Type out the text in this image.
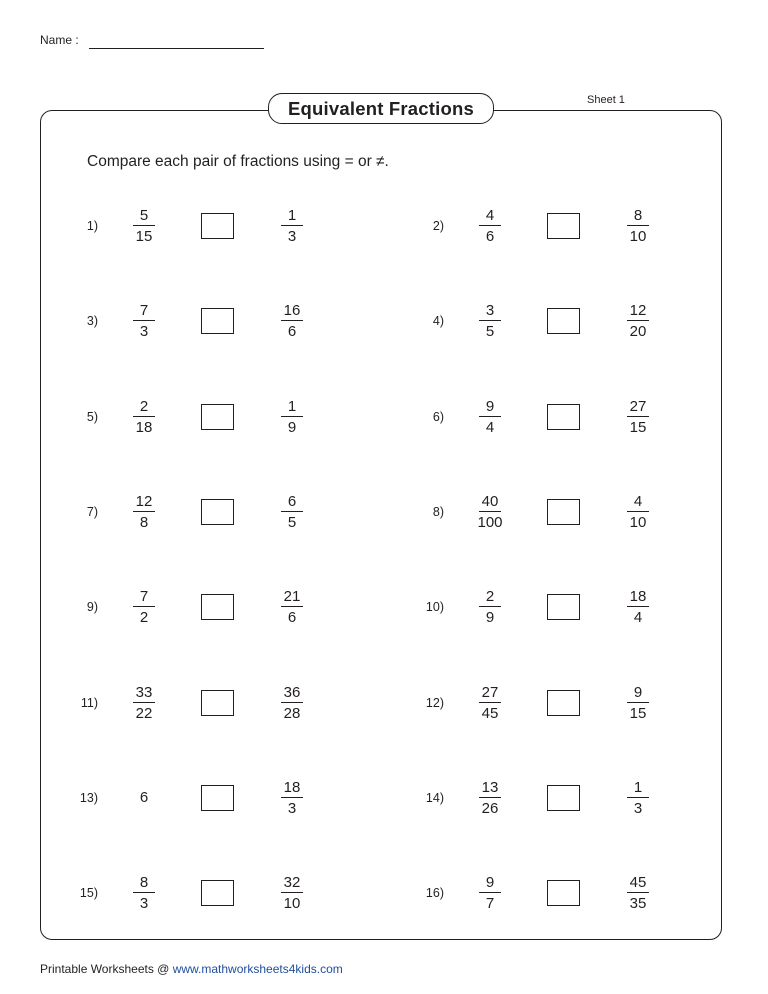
Name :
Sheet 1
Equivalent Fractions
Compare each pair of fractions using = or ≠.
1)
5
15
1
3
2)
4
6
8
10
3)
7
3
16
6
4)
3
5
12
20
5)
2
18
1
9
6)
9
4
27
15
7)
12
8
6
5
8)
40
100
4
10
9)
7
2
21
6
10)
2
9
18
4
11)
33
22
36
28
12)
27
45
9
15
13)	6
18
3
14)
13
26
1
3
15)
8
3
32
10
16)
9
7
45
35
Printable Worksheets @ www.mathworksheets4kids.com
